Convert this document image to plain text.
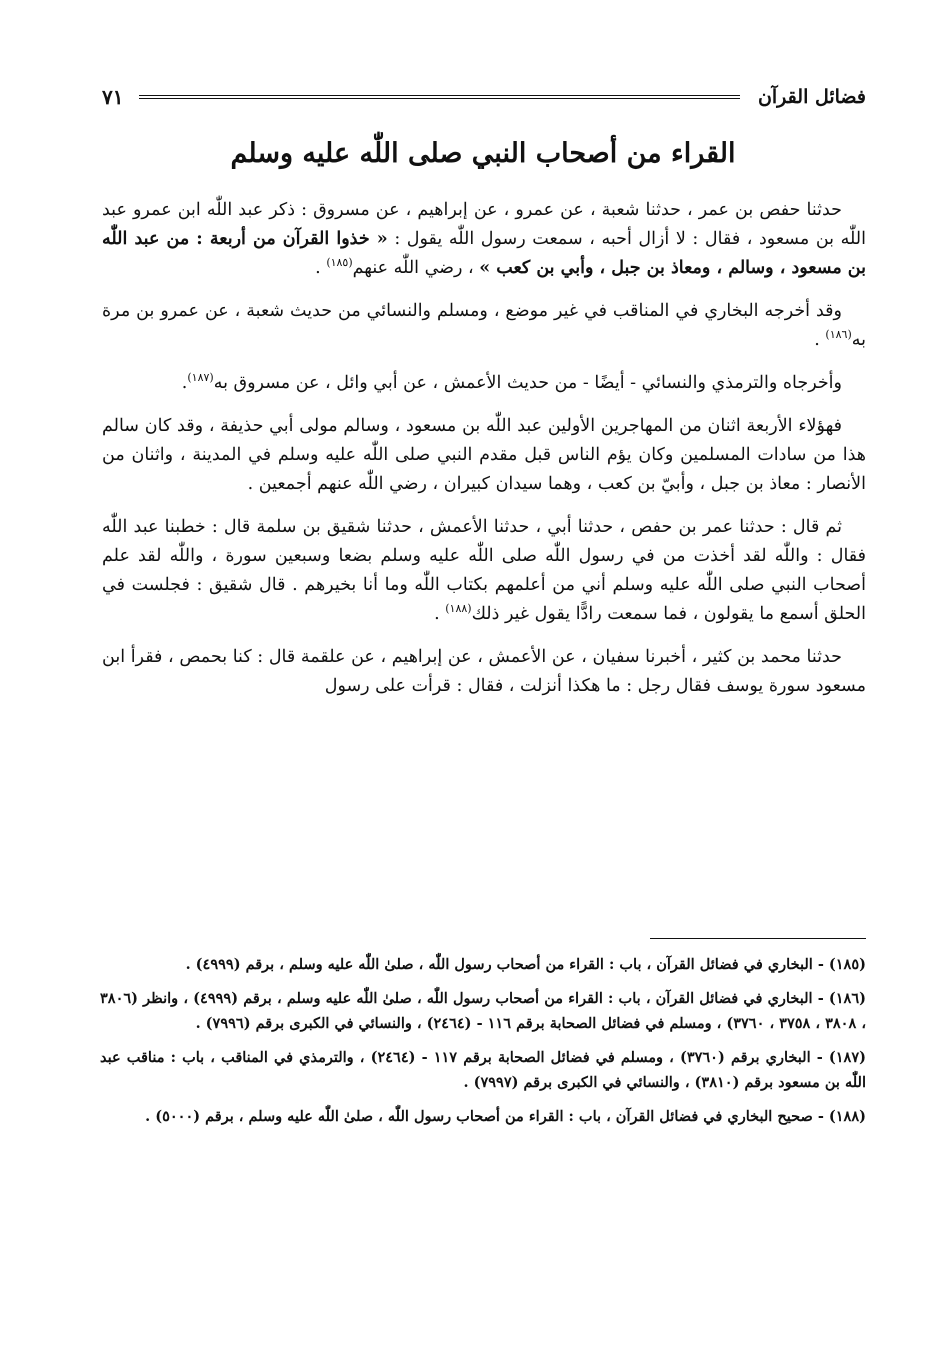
فضائل القرآن
٧١
القراء من أصحاب النبي صلى اللّٰه عليه وسلم

حدثنا حفص بن عمر ، حدثنا شعبة ، عن عمرو ، عن إبراهيم ، عن مسروق : ذكر عبد اللّٰه ابن عمرو عبد اللّٰه بن مسعود ، فقال : لا أزال أحبه ، سمعت رسول اللّٰه يقول : « خذوا القرآن من أربعة : من عبد اللّٰه بن مسعود ، وسالم ، ومعاذ بن جبل ، وأبي بن كعب » ، رضي اللّٰه عنهم$^{(١٨٥)}$ .

وقد أخرجه البخاري في المناقب في غير موضع ، ومسلم والنسائي من حديث شعبة ، عن عمرو بن مرة به$^{(١٨٦)}$ .

وأخرجاه والترمذي والنسائي - أيضًا - من حديث الأعمش ، عن أبي وائل ، عن مسروق به$^{(١٨٧)}$.

فهؤلاء الأربعة اثنان من المهاجرين الأولين عبد اللّٰه بن مسعود ، وسالم مولى أبي حذيفة ، وقد كان سالم هذا من سادات المسلمين وكان يؤم الناس قبل مقدم النبي صلى اللّٰه عليه وسلم في المدينة ، واثنان من الأنصار : معاذ بن جبل ، وأبيّ بن كعب ، وهما سيدان كبيران ، رضي اللّٰه عنهم أجمعين .

ثم قال : حدثنا عمر بن حفص ، حدثنا أبي ، حدثنا الأعمش ، حدثنا شقيق بن سلمة قال : خطبنا عبد اللّٰه فقال : واللّٰه لقد أخذت من في رسول اللّٰه صلى اللّٰه عليه وسلم بضعا وسبعين سورة ، واللّٰه لقد علم أصحاب النبي صلى اللّٰه عليه وسلم أني من أعلمهم بكتاب اللّٰه وما أنا بخيرهم . قال شقيق : فجلست في الحلق أسمع ما يقولون ، فما سمعت رادًّا يقول غير ذلك$^{(١٨٨)}$ .

حدثنا محمد بن كثير ، أخبرنا سفيان ، عن الأعمش ، عن إبراهيم ، عن علقمة قال : كنا بحمص ، فقرأ ابن مسعود سورة يوسف فقال رجل : ما هكذا أنزلت ، فقال : قرأت على رسول

(١٨٥) - البخاري في فضائل القرآن ، باب : القراء من أصحاب رسول اللّٰه ، صلىٰ اللّٰه عليه وسلم ، برقم (٤٩٩٩) .

(١٨٦) - البخاري في فضائل القرآن ، باب : القراء من أصحاب رسول اللّٰه ، صلىٰ اللّٰه عليه وسلم ، برقم (٤٩٩٩) ، وانظر (٣٨٠٦ ، ٣٨٠٨ ، ٣٧٥٨ ، ٣٧٦٠) ، ومسلم في فضائل الصحابة برقم ١١٦ - (٢٤٦٤) ، والنسائي في الكبرى برقم (٧٩٩٦) .

(١٨٧) - البخاري برقم (٣٧٦٠) ، ومسلم في فضائل الصحابة برقم ١١٧ - (٢٤٦٤) ، والترمذي في المناقب ، باب : مناقب عبد اللّٰه بن مسعود برقم (٣٨١٠) ، والنسائي في الكبرى برقم (٧٩٩٧) .

(١٨٨) - صحيح البخاري في فضائل القرآن ، باب : القراء من أصحاب رسول اللّٰه ، صلىٰ اللّٰه عليه وسلم ، برقم (٥٠٠٠) .
